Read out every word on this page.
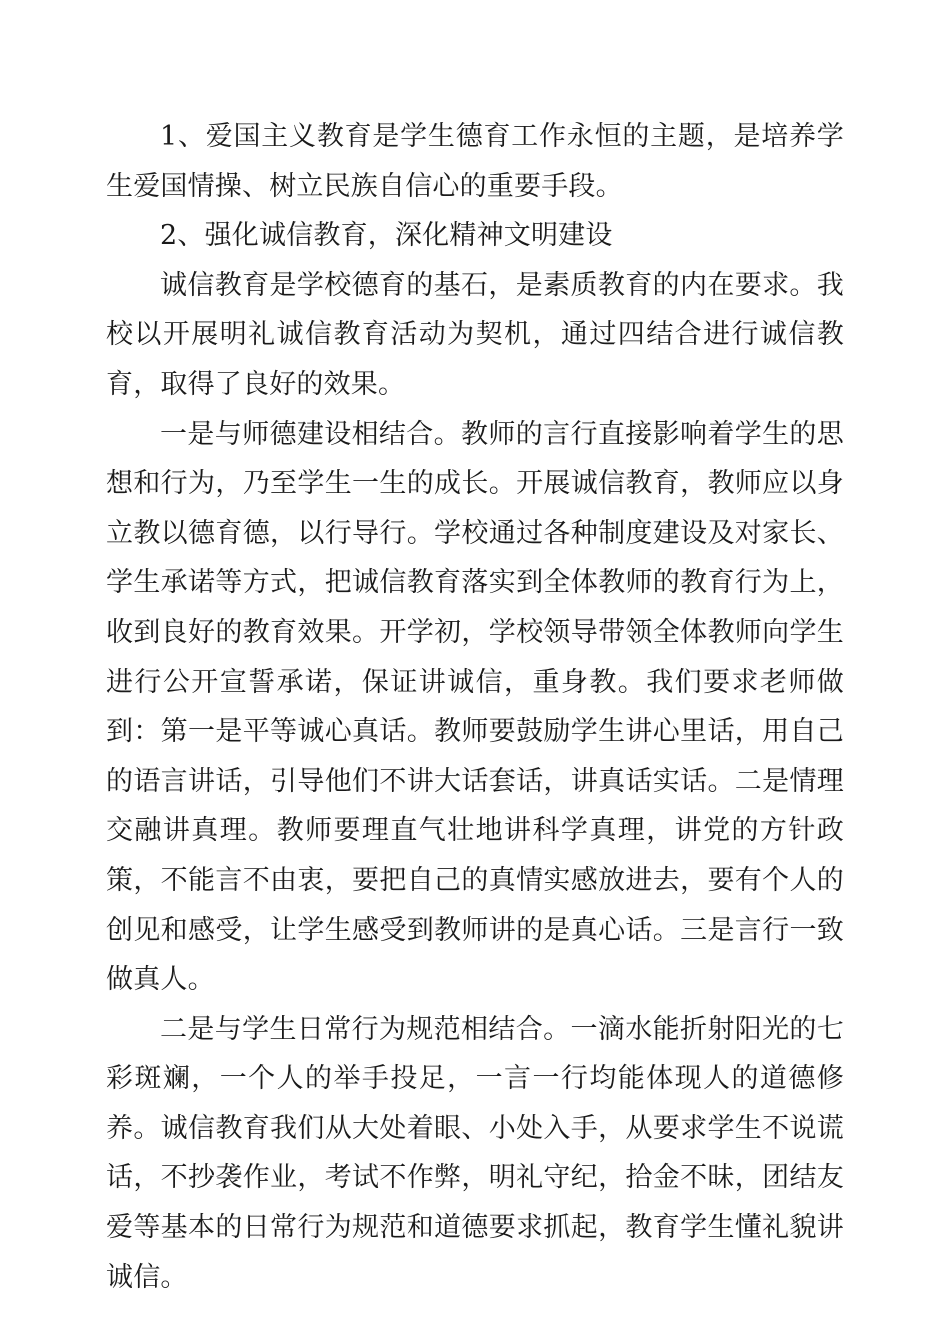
1、爱国主义教育是学生德育工作永恒的主题，是培养学生爱国情操、树立民族自信心的重要手段。

2、强化诚信教育，深化精神文明建设

诚信教育是学校德育的基石，是素质教育的内在要求。我校以开展明礼诚信教育活动为契机，通过四结合进行诚信教育，取得了良好的效果。

一是与师德建设相结合。教师的言行直接影响着学生的思想和行为，乃至学生一生的成长。开展诚信教育，教师应以身立教以德育德，以行导行。学校通过各种制度建设及对家长、学生承诺等方式，把诚信教育落实到全体教师的教育行为上，收到良好的教育效果。开学初，学校领导带领全体教师向学生进行公开宣誓承诺，保证讲诚信，重身教。我们要求老师做到：第一是平等诚心真话。教师要鼓励学生讲心里话，用自己的语言讲话，引导他们不讲大话套话，讲真话实话。二是情理交融讲真理。教师要理直气壮地讲科学真理，讲党的方针政策，不能言不由衷，要把自己的真情实感放进去，要有个人的创见和感受，让学生感受到教师讲的是真心话。三是言行一致做真人。

二是与学生日常行为规范相结合。一滴水能折射阳光的七彩斑斓，一个人的举手投足，一言一行均能体现人的道德修养。诚信教育我们从大处着眼、小处入手，从要求学生不说谎话，不抄袭作业，考试不作弊，明礼守纪，拾金不昧，团结友爱等基本的日常行为规范和道德要求抓起，教育学生懂礼貌讲诚信。
